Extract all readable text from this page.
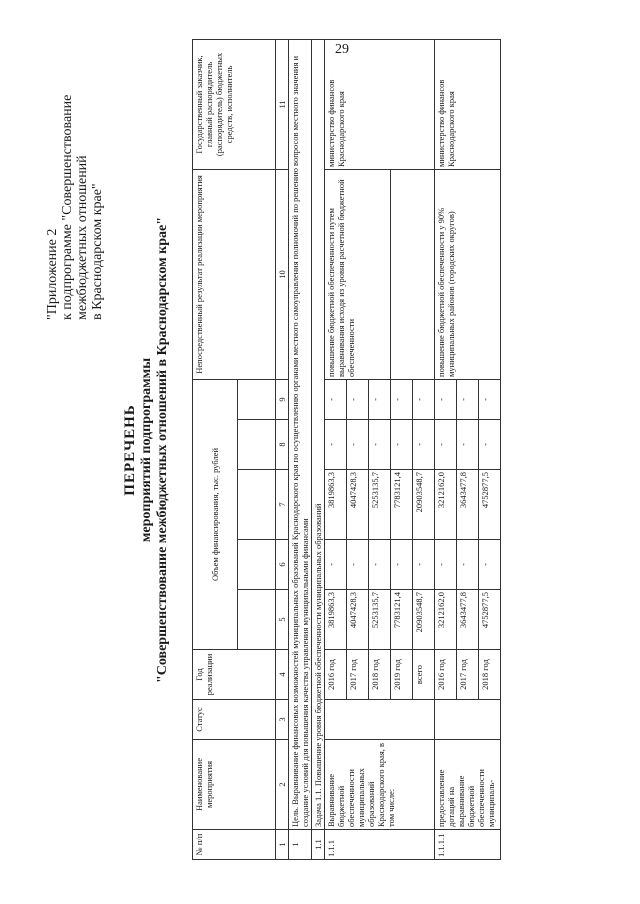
29
"Приложение 2 к подпрограмме "Совершенствование межбюджетных отношений в Краснодарском крае"
ПЕРЕЧЕНЬ мероприятий подпрограммы "Совершенствование межбюджетных отношений в Краснодарском крае"
№ п/п	Наименование мероприятия	Статус	Год реализации	Объем финансирования, тыс. рублей					Непосредственный результат реализации мероприятия	Государственный заказчик, главный распорядитель (распорядитель) бюджетных средств, исполнитель

1	2	3	4	5	6	7	8	9	10	11
1	Цель. Выравнивание финансовых возможностей муниципальных образований Краснодарского края по осуществлению органами местного самоуправления полномочий по решению вопросов местного значения и создание условий для повышения качества управления муниципальными финансами									
1.1	Задача 1.1. Повышение уровня бюджетной обеспеченности муниципальных образований									
1.1.1	Выравнивание бюджетной обеспеченности муниципальных образований Краснодарского края, в том числе:		2016 год	3819863,3	-	3819863,3	-	-	повышение бюджетной обеспеченности путем выравнивания исходя из уровня расчетной бюджетной обеспеченности	министерство финансов Краснодарского края
			2017 год	4047428,3	-	4047428,3	-	-		
			2018 год	5253135,7	-	5253135,7	-	-		
			2019 год	7783121,4	-	7783121,4	-	-		
			всего	20903548,7	-	20903548,7	-	-		
1.1.1.1	предоставление дотаций на выравнивание бюджетной обеспеченности муниципаль-		2016 год	3212162,0	-	3212162,0	-	-	повышение бюджетной обеспеченности у 90% муниципальных районов (городских округов)	министерство финансов Краснодарского края
			2017 год	3643477,8	-	3643477,8	-	-		
			2018 год	4752877,5	-	4752877,5	-	-		
